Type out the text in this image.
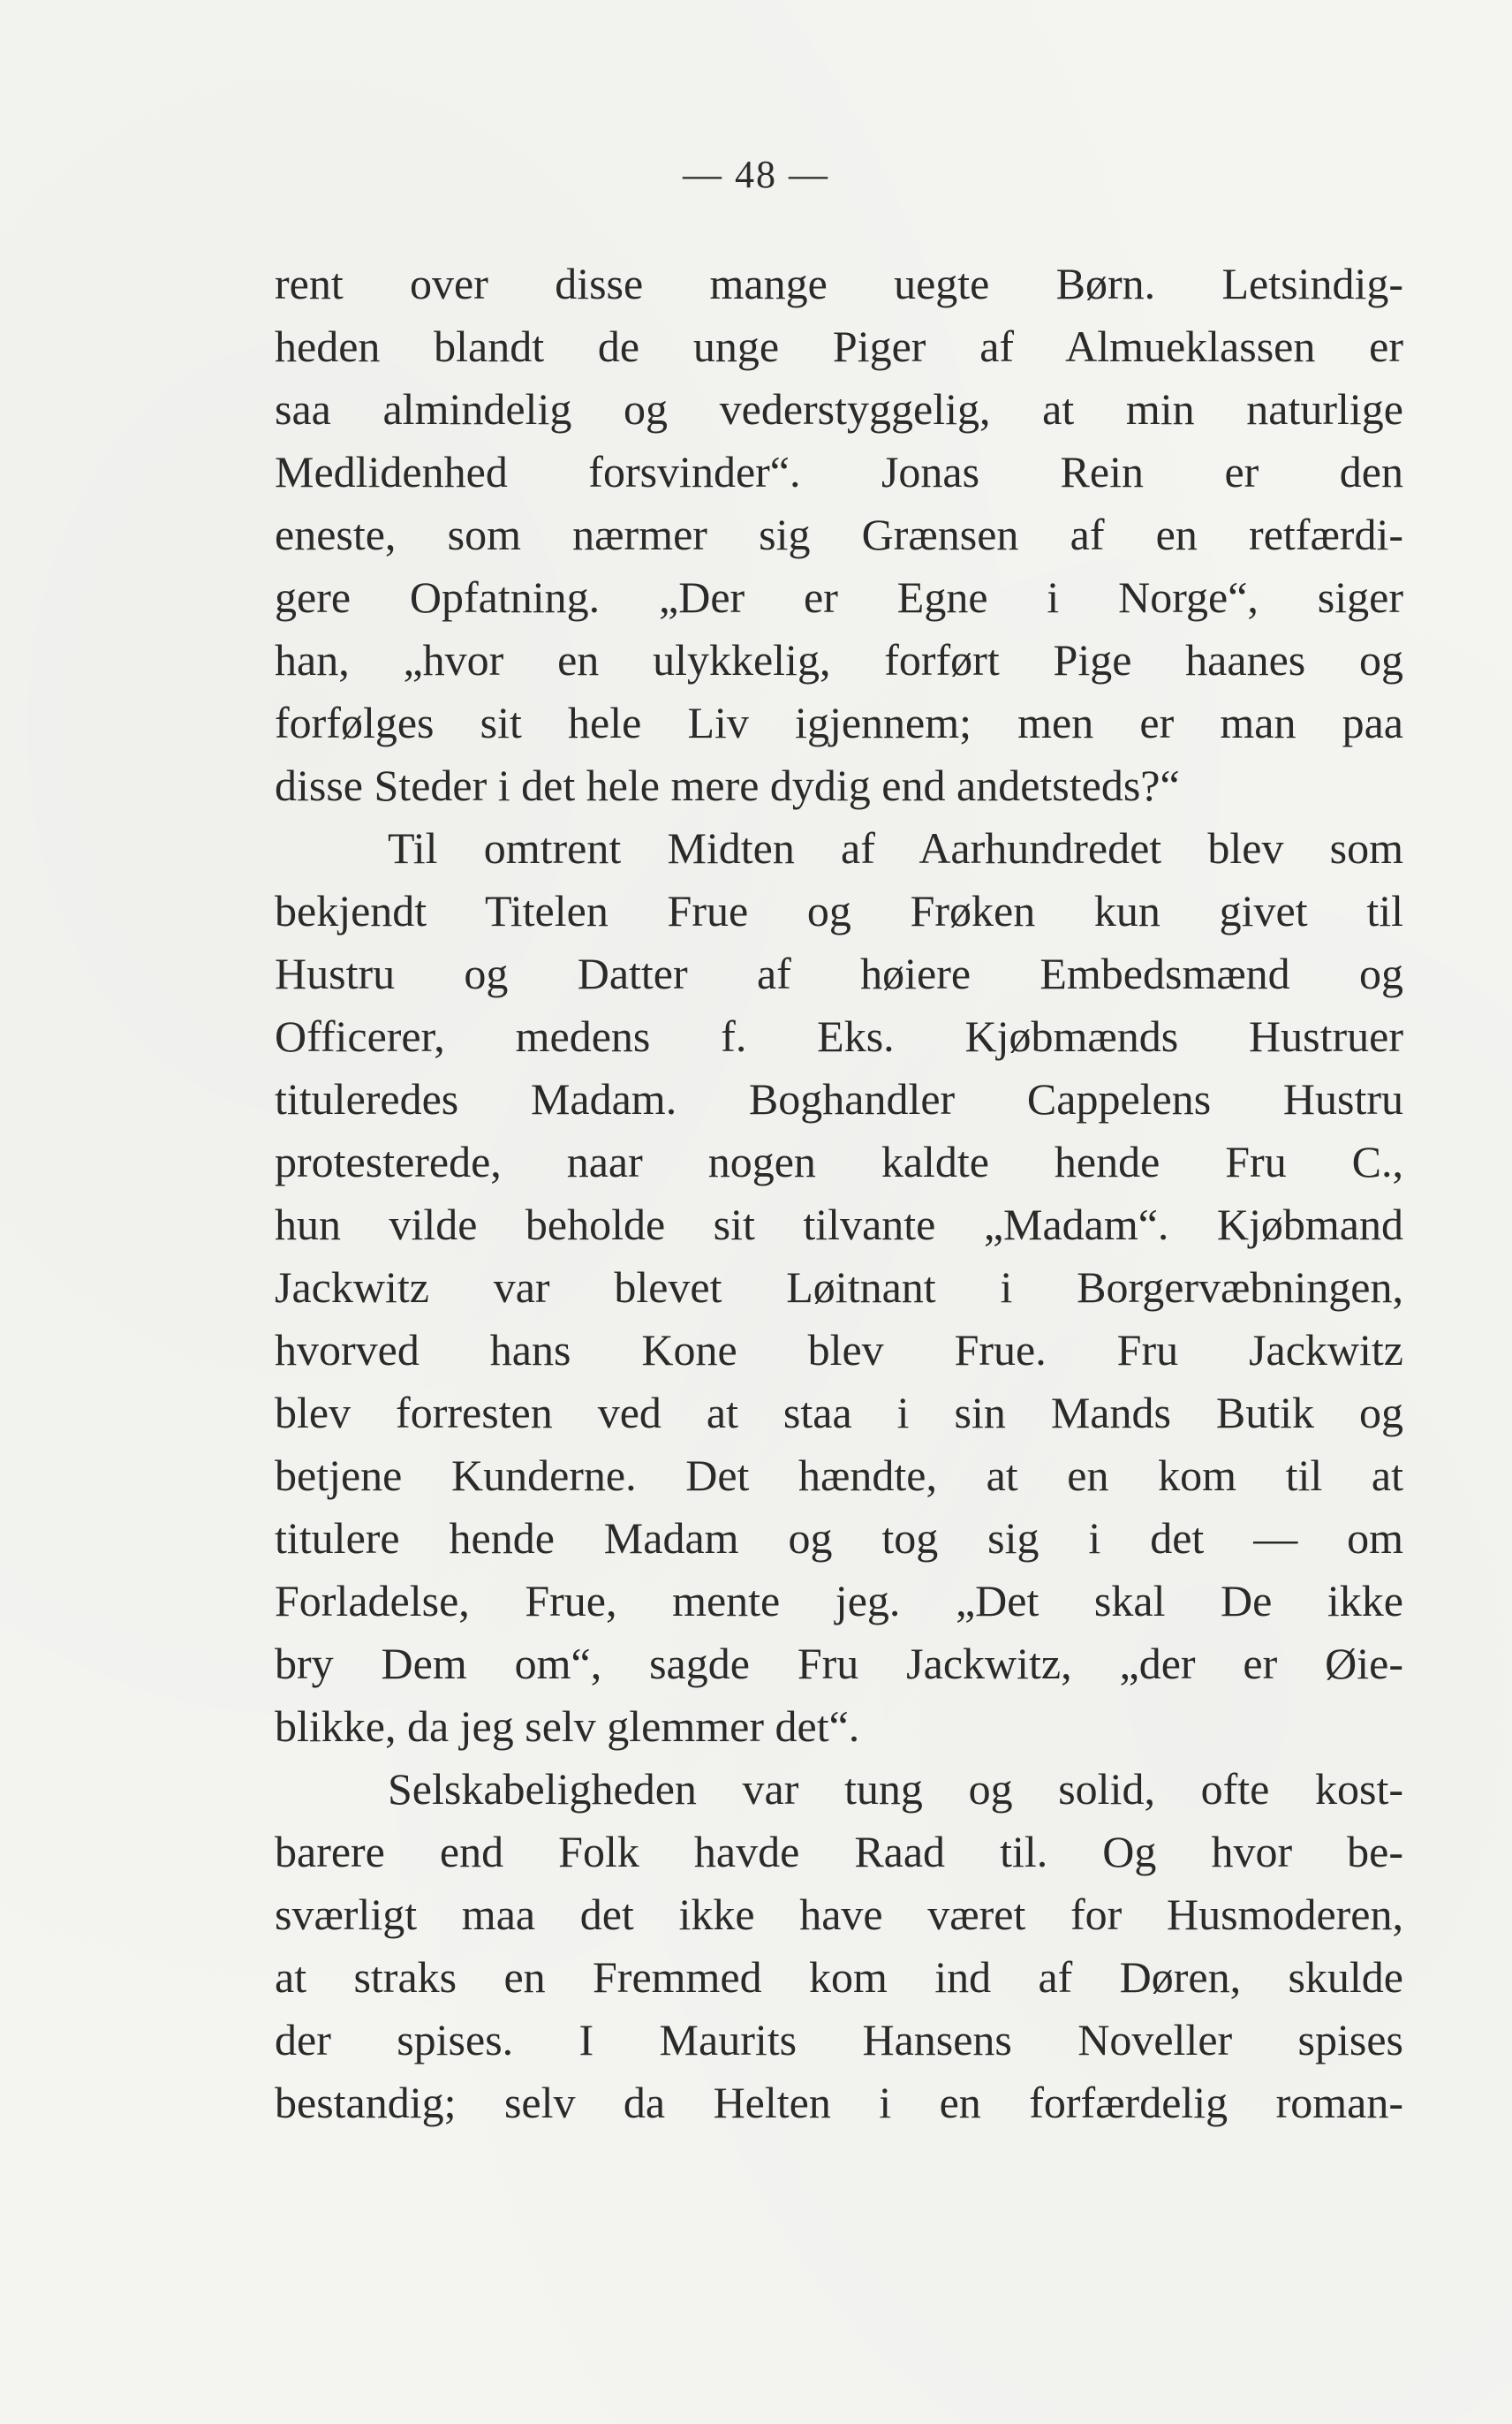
— 48 —
rent over disse mange uegte Børn. Letsindig-
heden blandt de unge Piger af Almueklassen er
saa almindelig og vederstyggelig, at min naturlige
Medlidenhed forsvinder“. Jonas Rein er den
eneste, som nærmer sig Grænsen af en retfærdi-
gere Opfatning. „Der er Egne i Norge“, siger
han, „hvor en ulykkelig, forført Pige haanes og
forfølges sit hele Liv igjennem; men er man paa
disse Steder i det hele mere dydig end andetsteds?“
Til omtrent Midten af Aarhundredet blev som
bekjendt Titelen Frue og Frøken kun givet til
Hustru og Datter af høiere Embedsmænd og
Officerer, medens f. Eks. Kjøbmænds Hustruer
tituleredes Madam. Boghandler Cappelens Hustru
protesterede, naar nogen kaldte hende Fru C.,
hun vilde beholde sit tilvante „Madam“. Kjøbmand
Jackwitz var blevet Løitnant i Borgervæbningen,
hvorved hans Kone blev Frue. Fru Jackwitz
blev forresten ved at staa i sin Mands Butik og
betjene Kunderne. Det hændte, at en kom til at
titulere hende Madam og tog sig i det — om
Forladelse, Frue, mente jeg. „Det skal De ikke
bry Dem om“, sagde Fru Jackwitz, „der er Øie-
blikke, da jeg selv glemmer det“.
Selskabeligheden var tung og solid, ofte kost-
barere end Folk havde Raad til. Og hvor be-
sværligt maa det ikke have været for Husmoderen,
at straks en Fremmed kom ind af Døren, skulde
der spises. I Maurits Hansens Noveller spises
bestandig; selv da Helten i en forfærdelig roman-
